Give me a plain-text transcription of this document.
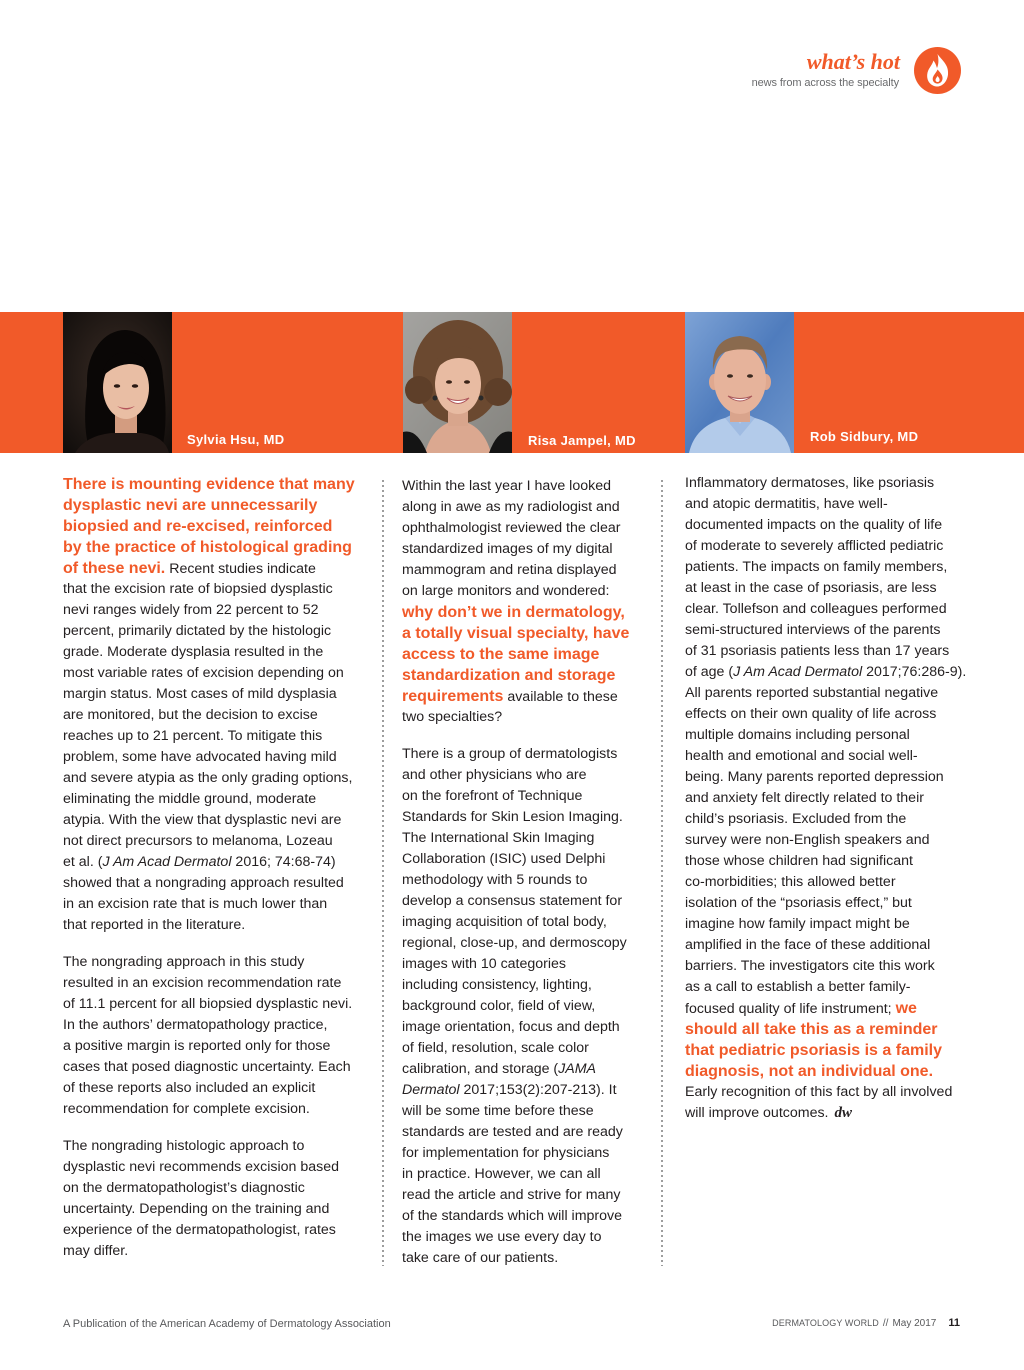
what’s hot
news from across the specialty
Sylvia Hsu, MD	Risa Jampel, MD	Rob Sidbury, MD
There is mounting evidence that many
dysplastic nevi are unnecessarily
biopsied and re-excised, reinforced
by the practice of histological grading
of these nevi. Recent studies indicate
that the excision rate of biopsied dysplastic
nevi ranges widely from 22 percent to 52
percent, primarily dictated by the histologic
grade. Moderate dysplasia resulted in the
most variable rates of excision depending on
margin status. Most cases of mild dysplasia
are monitored, but the decision to excise
reaches up to 21 percent. To mitigate this
problem, some have advocated having mild
and severe atypia as the only grading options,
eliminating the middle ground, moderate
atypia. With the view that dysplastic nevi are
not direct precursors to melanoma, Lozeau
et al. (J Am Acad Dermatol 2016; 74:68-74)
showed that a nongrading approach resulted
in an excision rate that is much lower than
that reported in the literature.
The nongrading approach in this study
resulted in an excision recommendation rate
of 11.1 percent for all biopsied dysplastic nevi.
In the authors’ dermatopathology practice,
a positive margin is reported only for those
cases that posed diagnostic uncertainty. Each
of these reports also included an explicit
recommendation for complete excision.
The nongrading histologic approach to
dysplastic nevi recommends excision based
on the dermatopathologist’s diagnostic
uncertainty. Depending on the training and
experience of the dermatopathologist, rates
may differ.
Within the last year I have looked
along in awe as my radiologist and
ophthalmologist reviewed the clear
standardized images of my digital
mammogram and retina displayed
on large monitors and wondered:
why don’t we in dermatology,
a totally visual specialty, have
access to the same image
standardization and storage
requirements available to these
two specialties?
There is a group of dermatologists
and other physicians who are
on the forefront of Technique
Standards for Skin Lesion Imaging.
The International Skin Imaging
Collaboration (ISIC) used Delphi
methodology with 5 rounds to
develop a consensus statement for
imaging acquisition of total body,
regional, close-up, and dermoscopy
images with 10 categories
including consistency, lighting,
background color, field of view,
image orientation, focus and depth
of field, resolution, scale color
calibration, and storage (JAMA
Dermatol 2017;153(2):207-213). It
will be some time before these
standards are tested and are ready
for implementation for physicians
in practice. However, we can all
read the article and strive for many
of the standards which will improve
the images we use every day to
take care of our patients.
Inflammatory dermatoses, like psoriasis
and atopic dermatitis, have well-
documented impacts on the quality of life
of moderate to severely afflicted pediatric
patients. The impacts on family members,
at least in the case of psoriasis, are less
clear. Tollefson and colleagues performed
semi-structured interviews of the parents
of 31 psoriasis patients less than 17 years
of age (J Am Acad Dermatol 2017;76:286-9).
All parents reported substantial negative
effects on their own quality of life across
multiple domains including personal
health and emotional and social well-
being. Many parents reported depression
and anxiety felt directly related to their
child’s psoriasis. Excluded from the
survey were non-English speakers and
those whose children had significant
co-morbidities; this allowed better
isolation of the “psoriasis effect,” but
imagine how family impact might be
amplified in the face of these additional
barriers. The investigators cite this work
as a call to establish a better family-
focused quality of life instrument; we
should all take this as a reminder
that pediatric psoriasis is a family
diagnosis, not an individual one.
Early recognition of this fact by all involved
will improve outcomes. dw
A Publication of the American Academy of Dermatology Association	DERMATOLOGY WORLD // May 2017 11
